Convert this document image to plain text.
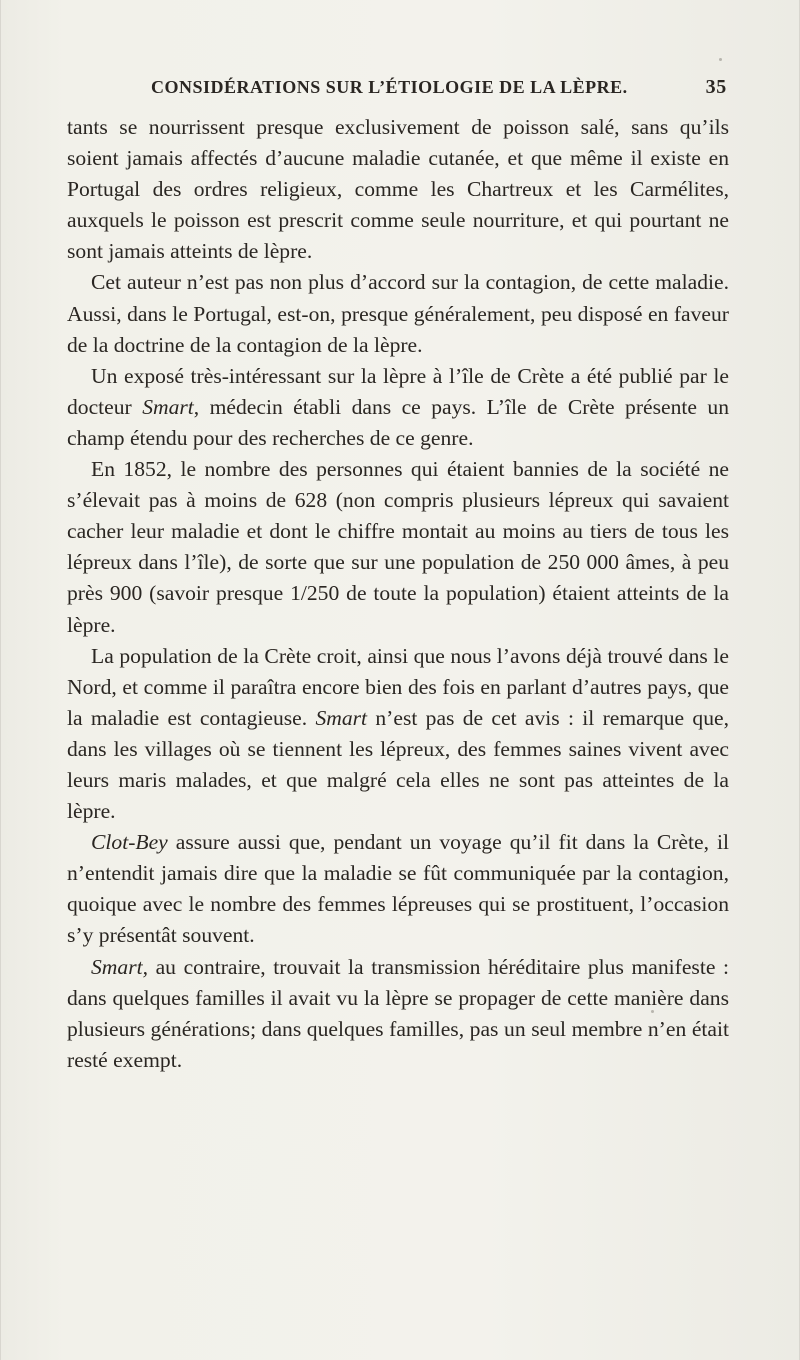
CONSIDÉRATIONS SUR L’ÉTIOLOGIE DE LA LÈPRE.	35

tants se nourrissent presque exclusivement de poisson salé, sans qu’ils soient jamais affectés d’aucune maladie cutanée, et que même il existe en Portugal des ordres religieux, comme les Chartreux et les Carmélites, auxquels le poisson est prescrit comme seule nourriture, et qui pourtant ne sont jamais atteints de lèpre.

Cet auteur n’est pas non plus d’accord sur la contagion, de cette maladie. Aussi, dans le Portugal, est-on, presque généralement, peu disposé en faveur de la doctrine de la contagion de la lèpre.

Un exposé très-intéressant sur la lèpre à l’île de Crète a été publié par le docteur Smart, médecin établi dans ce pays. L’île de Crète présente un champ étendu pour des recherches de ce genre.

En 1852, le nombre des personnes qui étaient bannies de la société ne s’élevait pas à moins de 628 (non compris plusieurs lépreux qui savaient cacher leur maladie et dont le chiffre montait au moins au tiers de tous les lépreux dans l’île), de sorte que sur une population de 250 000 âmes, à peu près 900 (savoir presque 1/250 de toute la population) étaient atteints de la lèpre.

La population de la Crète croit, ainsi que nous l’avons déjà trouvé dans le Nord, et comme il paraîtra encore bien des fois en parlant d’autres pays, que la maladie est contagieuse. Smart n’est pas de cet avis : il remarque que, dans les villages où se tiennent les lépreux, des femmes saines vivent avec leurs maris malades, et que malgré cela elles ne sont pas atteintes de la lèpre.

Clot-Bey assure aussi que, pendant un voyage qu’il fit dans la Crète, il n’entendit jamais dire que la maladie se fût communiquée par la contagion, quoique avec le nombre des femmes lépreuses qui se prostituent, l’occasion s’y présentât souvent.

Smart, au contraire, trouvait la transmission héréditaire plus manifeste : dans quelques familles il avait vu la lèpre se propager de cette manière dans plusieurs générations; dans quelques familles, pas un seul membre n’en était resté exempt.
